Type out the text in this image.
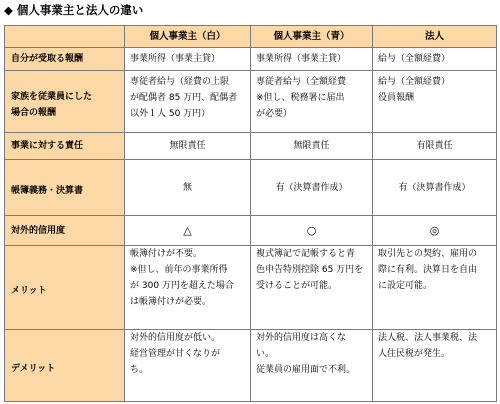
◆ 個人事業主と法人の違い
	個人事業主（白）	個人事業主（青）	法人

自分が受取る報酬	事業所得（事業主貸）	事業所得（事業主貸）	給与（全額経費）

家族を従業員にした
場合の報酬	専従者給与（経費の上限
が配偶者 85 万円、配偶者
以外１人 50 万円）	専従者給与（全額経費
※但し、税務署に届出
が必要）	給与（全額経費）
役員報酬

事業に対する責任	無限責任	無限責任	有限責任

帳簿義務・決算書	無	有（決算書作成）	有（決算書作成）

対外的信用度	△	○	◎

メリット	帳簿付けが不要。
※但し、前年の事業所得
が 300 万円を超えた場合
は帳簿付けが必要。	複式簿記で記帳すると青
色申告特別控除 65 万円を
受けることが可能。	取引先との契約、雇用の
際に有利。決算日を自由
に設定可能。

デメリット	対外的信用度が低い。
経営管理が甘くなりが
ち。	対外的信用度は高くな
い。
従業員の雇用面で不利。	法人税、法人事業税、法
人住民税が発生。
